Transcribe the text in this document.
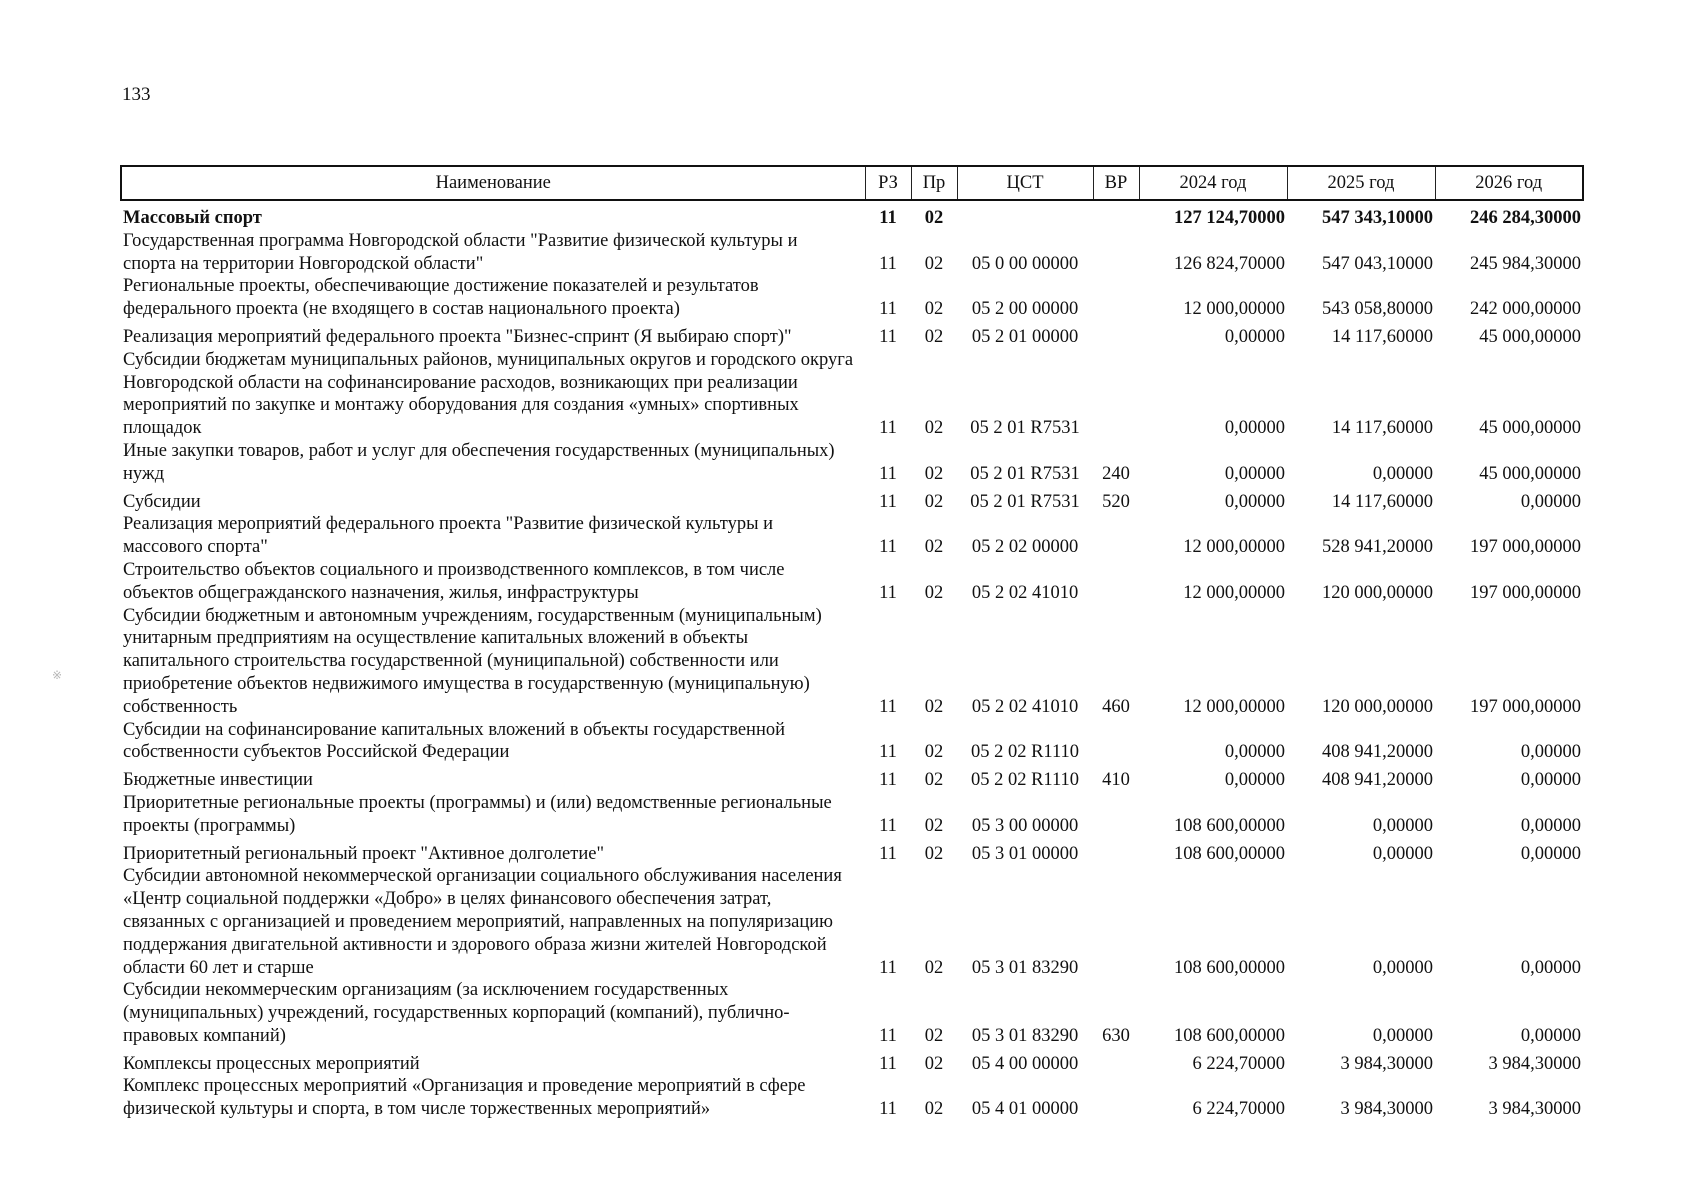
133
※
Наименование	РЗ	Пр	ЦСТ	ВР	2024 год	2025 год	2026 год
Массовый спорт	11	02			127 124,70000	547 343,10000	246 284,30000
Государственная программа Новгородской области "Развитие физической культуры и спорта на территории Новгородской области"	11	02	05 0 00 00000		126 824,70000	547 043,10000	245 984,30000
Региональные проекты, обеспечивающие достижение показателей и результатов федерального проекта (не входящего в состав национального проекта)	11	02	05 2 00 00000		12 000,00000	543 058,80000	242 000,00000
Реализация мероприятий федерального проекта "Бизнес-спринт (Я выбираю спорт)"	11	02	05 2 01 00000		0,00000	14 117,60000	45 000,00000
Субсидии бюджетам муниципальных районов, муниципальных округов и городского округа Новгородской области на софинансирование расходов, возникающих при реализации мероприятий по закупке и монтажу оборудования для создания «умных» спортивных площадок	11	02	05 2 01 R7531		0,00000	14 117,60000	45 000,00000
Иные закупки товаров, работ и услуг для обеспечения государственных (муниципальных) нужд	11	02	05 2 01 R7531	240	0,00000	0,00000	45 000,00000
Субсидии	11	02	05 2 01 R7531	520	0,00000	14 117,60000	0,00000
Реализация мероприятий федерального проекта "Развитие физической культуры и массового спорта"	11	02	05 2 02 00000		12 000,00000	528 941,20000	197 000,00000
Строительство объектов социального и производственного комплексов, в том числе объектов общегражданского назначения, жилья, инфраструктуры	11	02	05 2 02 41010		12 000,00000	120 000,00000	197 000,00000
Субсидии бюджетным и автономным учреждениям, государственным (муниципальным) унитарным предприятиям на осуществление капитальных вложений в объекты капитального строительства государственной (муниципальной) собственности или приобретение объектов недвижимого имущества в государственную (муниципальную) собственность	11	02	05 2 02 41010	460	12 000,00000	120 000,00000	197 000,00000
Субсидии на софинансирование капитальных вложений в объекты государственной собственности субъектов Российской Федерации	11	02	05 2 02 R1110		0,00000	408 941,20000	0,00000
Бюджетные инвестиции	11	02	05 2 02 R1110	410	0,00000	408 941,20000	0,00000
Приоритетные региональные проекты (программы) и (или) ведомственные региональные проекты (программы)	11	02	05 3 00 00000		108 600,00000	0,00000	0,00000
Приоритетный региональный проект "Активное долголетие"	11	02	05 3 01 00000		108 600,00000	0,00000	0,00000
Субсидии автономной некоммерческой организации социального обслуживания населения «Центр социальной поддержки «Добро» в целях финансового обеспечения затрат, связанных с организацией и проведением мероприятий, направленных на популяризацию поддержания двигательной активности и здорового образа жизни жителей Новгородской области 60 лет и старше	11	02	05 3 01 83290		108 600,00000	0,00000	0,00000
Субсидии некоммерческим организациям (за исключением государственных (муниципальных) учреждений, государственных корпораций (компаний), публично-правовых компаний)	11	02	05 3 01 83290	630	108 600,00000	0,00000	0,00000
Комплексы процессных мероприятий	11	02	05 4 00 00000		6 224,70000	3 984,30000	3 984,30000
Комплекс процессных мероприятий «Организация и проведение мероприятий в сфере физической культуры и спорта, в том числе торжественных мероприятий»	11	02	05 4 01 00000		6 224,70000	3 984,30000	3 984,30000
